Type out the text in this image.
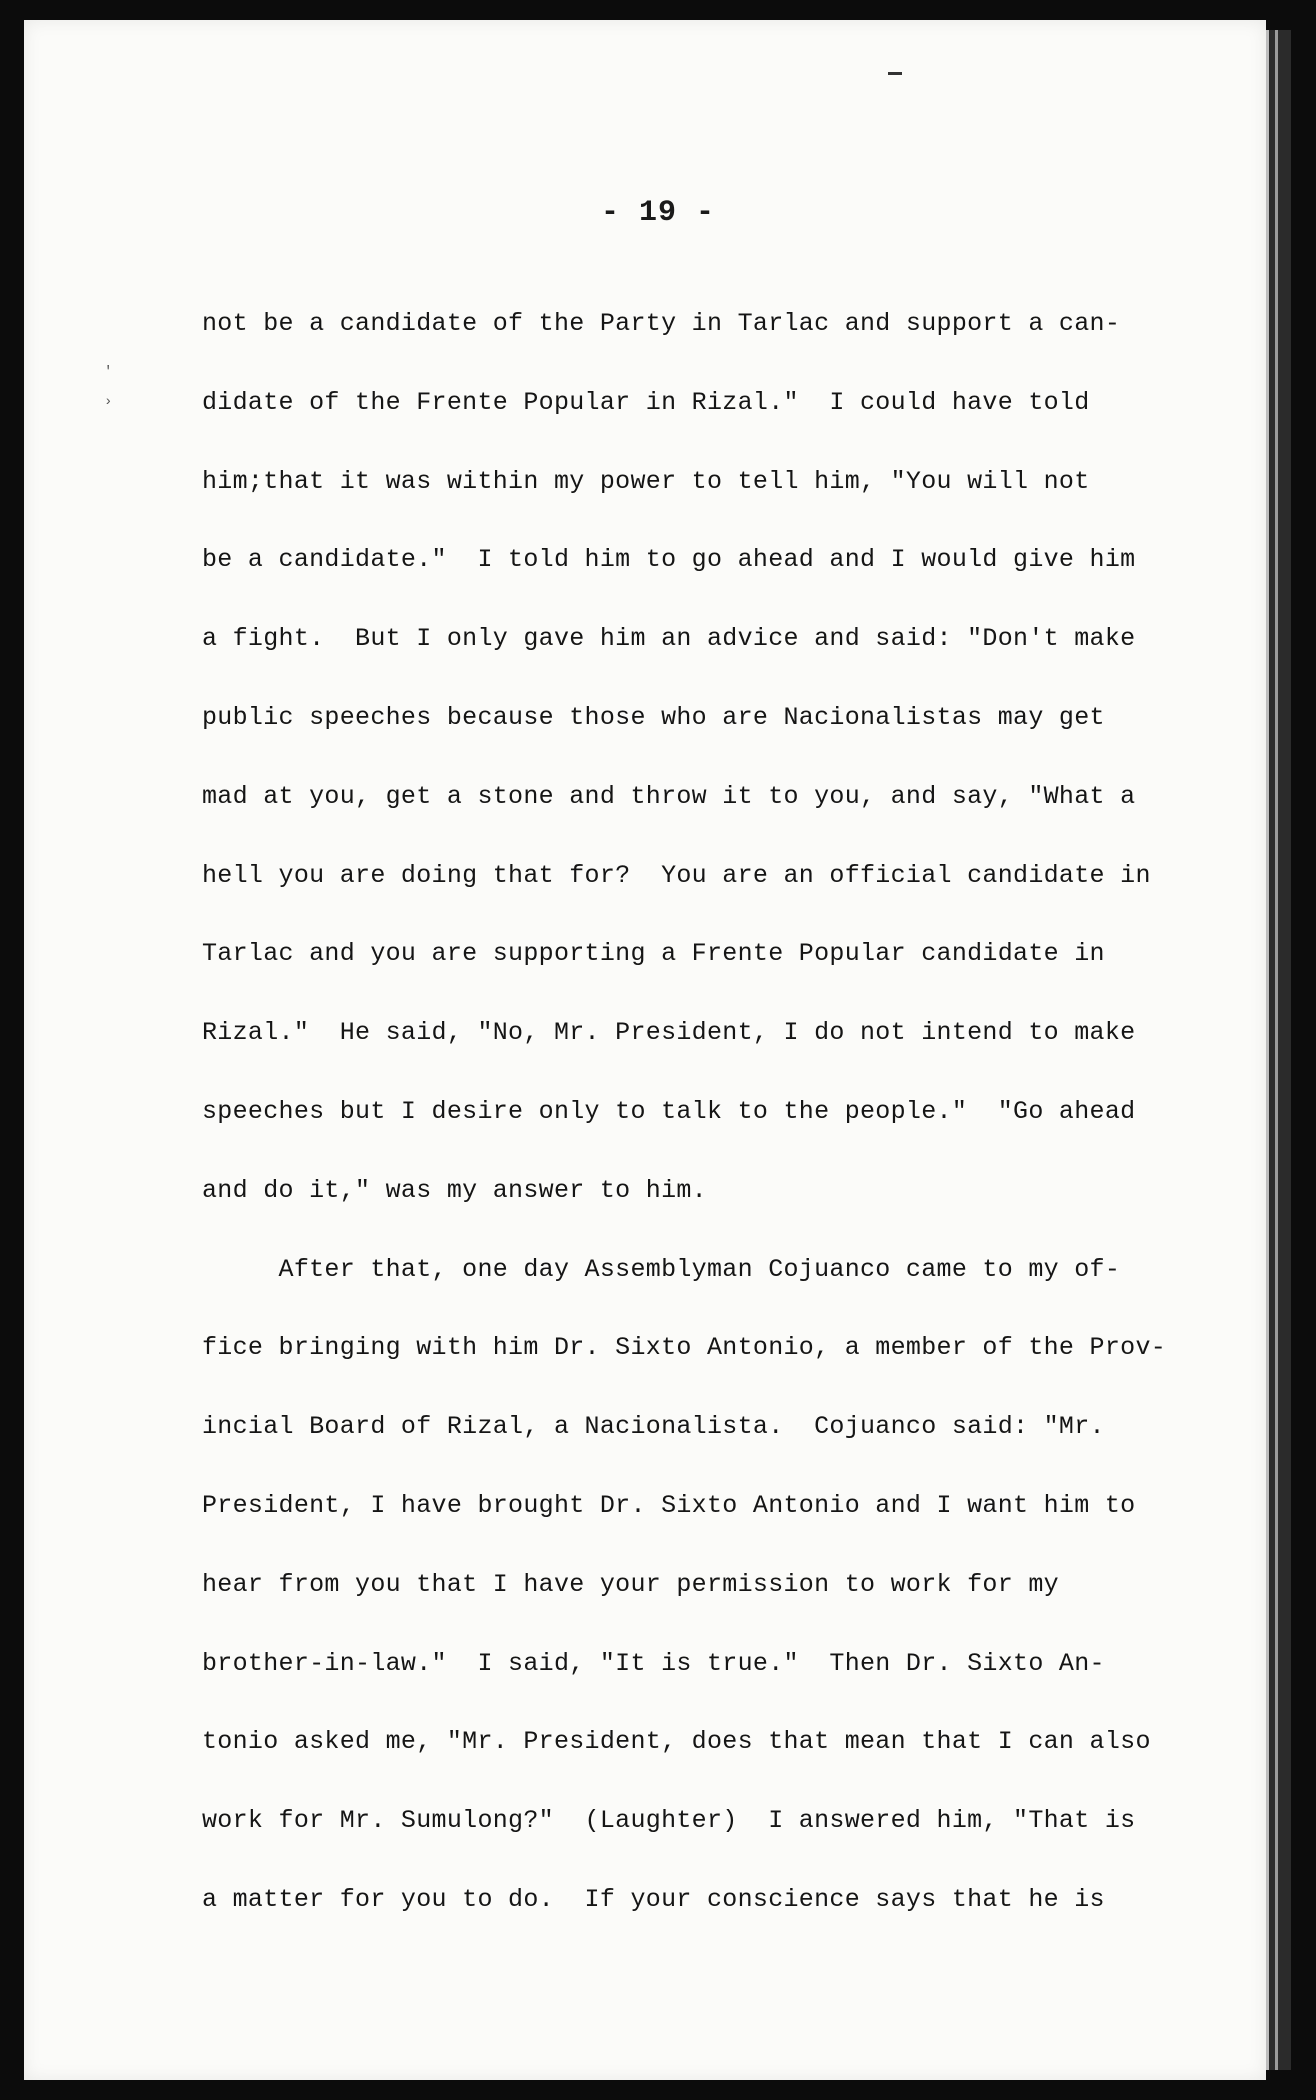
'
›
- 19 -
not be a candidate of the Party in Tarlac and support a can-
didate of the Frente Popular in Rizal."  I could have told
him;that it was within my power to tell him, "You will not
be a candidate."  I told him to go ahead and I would give him
a fight.  But I only gave him an advice and said: "Don't make
public speeches because those who are Nacionalistas may get
mad at you, get a stone and throw it to you, and say, "What a
hell you are doing that for?  You are an official candidate in
Tarlac and you are supporting a Frente Popular candidate in
Rizal."  He said, "No, Mr. President, I do not intend to make
speeches but I desire only to talk to the people."  "Go ahead
and do it," was my answer to him.
After that, one day Assemblyman Cojuanco came to my of-
fice bringing with him Dr. Sixto Antonio, a member of the Prov-
incial Board of Rizal, a Nacionalista.  Cojuanco said: "Mr.
President, I have brought Dr. Sixto Antonio and I want him to
hear from you that I have your permission to work for my
brother-in-law."  I said, "It is true."  Then Dr. Sixto An-
tonio asked me, "Mr. President, does that mean that I can also
work for Mr. Sumulong?"  (Laughter)  I answered him, "That is
a matter for you to do.  If your conscience says that he is
